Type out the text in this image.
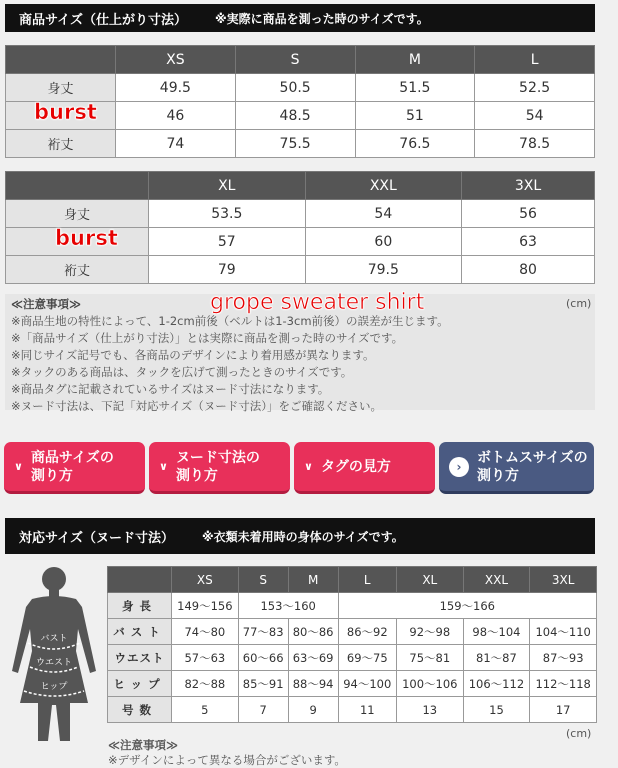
商品サイズ（仕上がり寸法） ※実際に商品を測った時のサイズです。
	XS	S	M	L
身丈	49.5	50.5	51.5	52.5
	46	48.5	51	54
裄丈	74	75.5	76.5	78.5
burst
	XL	XXL	3XL
身丈	53.5	54	56
	57	60	63
裄丈	79	79.5	80
burst
≪注意事項≫
※商品生地の特性によって、1-2cm前後（ベルトは1-3cm前後）の誤差が生じます。
※「商品サイズ（仕上がり寸法）」とは実際に商品を測った時のサイズです。
※同じサイズ記号でも、各商品のデザインにより着用感が異なります。
※タックのある商品は、タックを広げて測ったときのサイズです。
※商品タグに記載されているサイズはヌード寸法になります。
※ヌード寸法は、下記「対応サイズ（ヌード寸法）」をご確認ください。
(cm)
grope sweater shirt
∨
商品サイズの
測り方
∨
ヌード寸法の
測り方
∨ タグの見方	›
ボトムスサイズの
測り方
対応サイズ（ヌード寸法） ※衣類未着用時の身体のサイズです。
バスト
ウエスト
ヒップ
	XS	S	M	L	XL	XXL	3XL
身長	149～156	153～160		159～166			
バスト	74～80	77～83	80～86	86～92	92～98	98～104	104～110
ウエスト	57～63	60～66	63～69	69～75	75～81	81～87	87～93
ヒップ	82～88	85～91	88～94	94～100	100～106	106～112	112～118
号数	5	7	9	11	13	15	17
(cm)
≪注意事項≫
※デザインによって異なる場合がございます。
